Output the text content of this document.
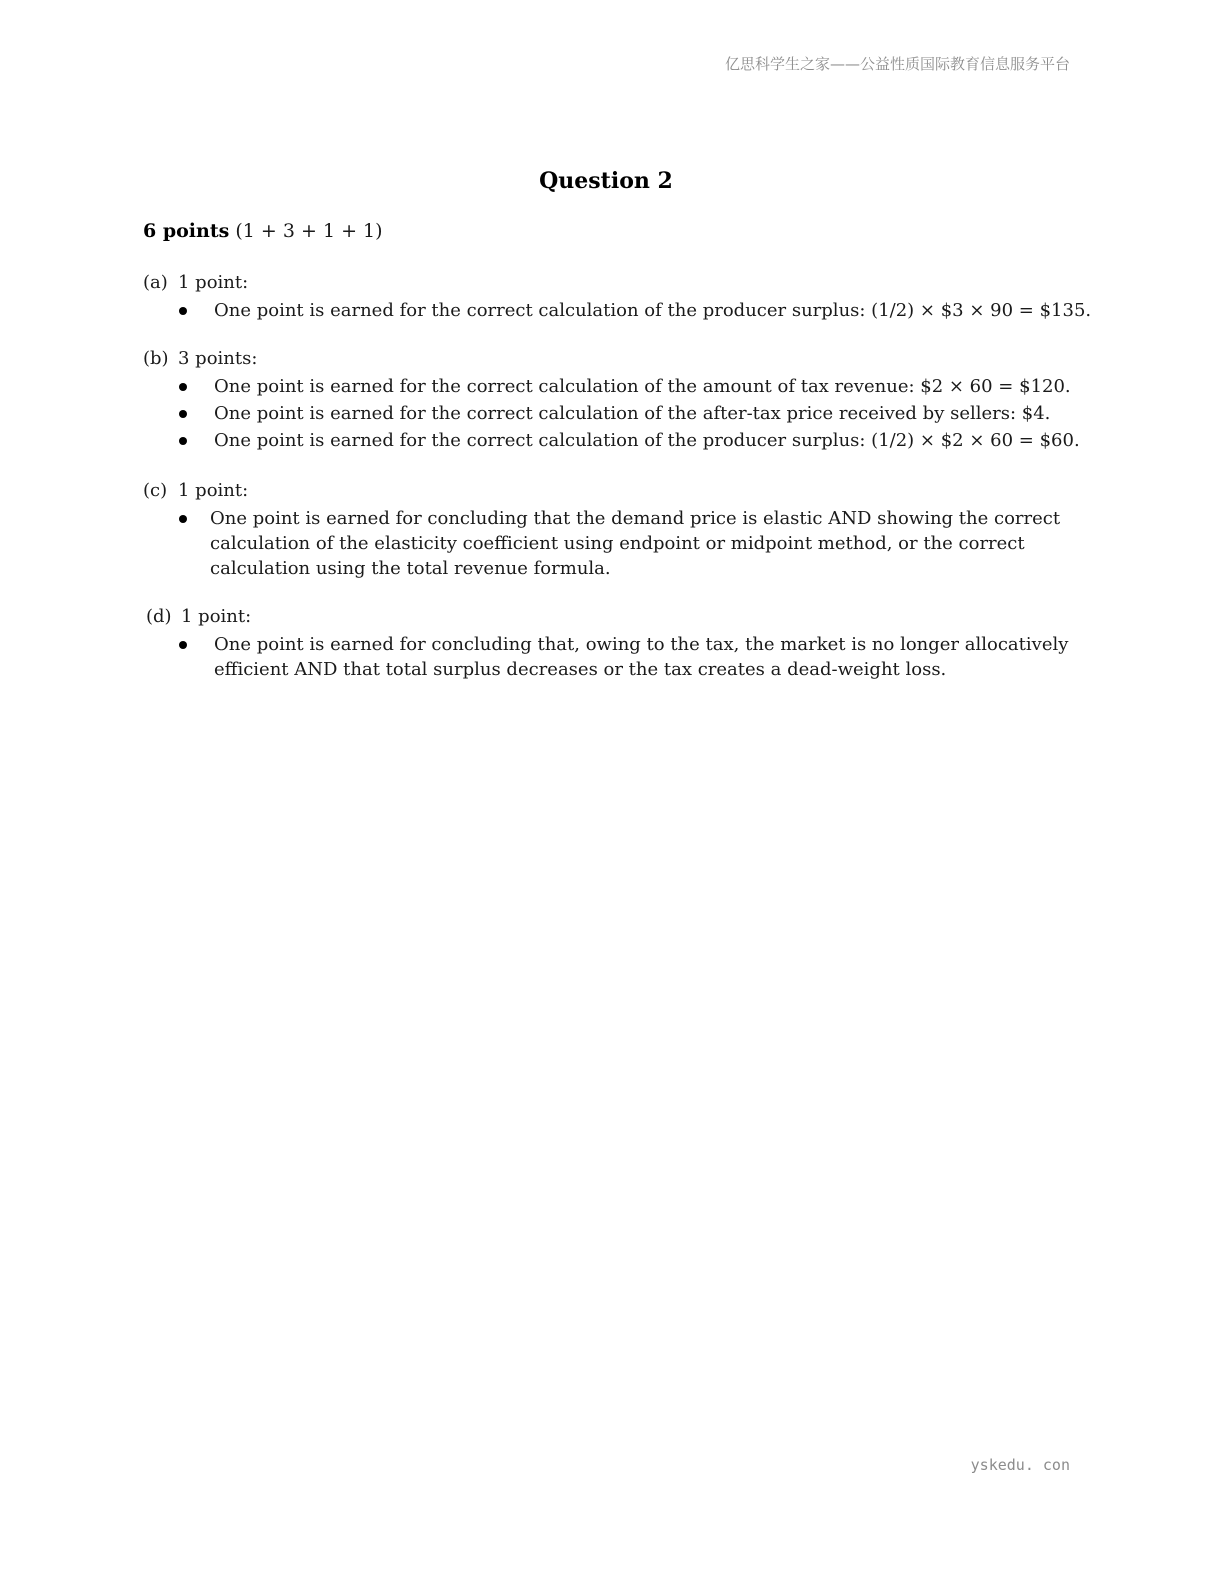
亿思科学生之家——公益性质国际教育信息服务平台
Question 2
6 points (1 + 3 + 1 + 1)
(a) 1 point:
One point is earned for the correct calculation of the producer surplus: (1/2) × $3 × 90 = $135.
(b) 3 points:
One point is earned for the correct calculation of the amount of tax revenue: $2 × 60 = $120.
One point is earned for the correct calculation of the after-tax price received by sellers: $4.
One point is earned for the correct calculation of the producer surplus: (1/2) × $2 × 60 = $60.
(c) 1 point:
One point is earned for concluding that the demand price is elastic AND showing the correct calculation of the elasticity coefficient using endpoint or midpoint method, or the correct calculation using the total revenue formula.
(d) 1 point:
One point is earned for concluding that, owing to the tax, the market is no longer allocatively efficient AND that total surplus decreases or the tax creates a dead-weight loss.
yskedu. con
